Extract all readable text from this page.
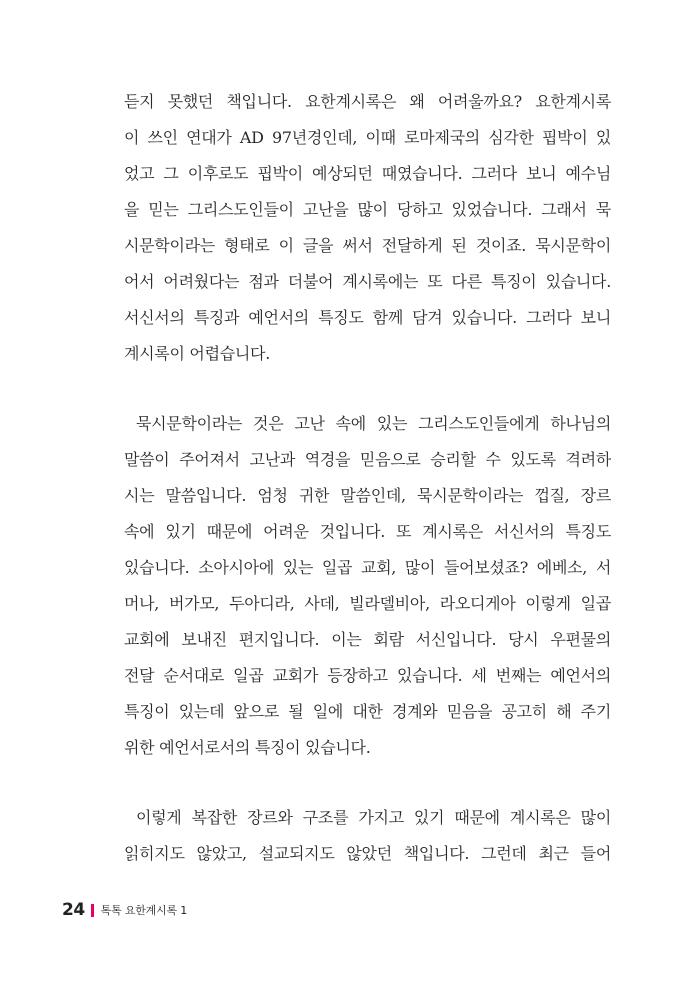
듣지 못했던 책입니다. 요한계시록은 왜 어려울까요? 요한계시록
이 쓰인 연대가 AD 97년경인데, 이때 로마제국의 심각한 핍박이 있
었고 그 이후로도 핍박이 예상되던 때였습니다. 그러다 보니 예수님
을 믿는 그리스도인들이 고난을 많이 당하고 있었습니다. 그래서 묵
시문학이라는 형태로 이 글을 써서 전달하게 된 것이죠. 묵시문학이
어서 어려웠다는 점과 더불어 계시록에는 또 다른 특징이 있습니다.
서신서의 특징과 예언서의 특징도 함께 담겨 있습니다. 그러다 보니
계시록이 어렵습니다.
묵시문학이라는 것은 고난 속에 있는 그리스도인들에게 하나님의
말씀이 주어져서 고난과 역경을 믿음으로 승리할 수 있도록 격려하
시는 말씀입니다. 엄청 귀한 말씀인데, 묵시문학이라는 껍질, 장르
속에 있기 때문에 어려운 것입니다. 또 계시록은 서신서의 특징도
있습니다. 소아시아에 있는 일곱 교회, 많이 들어보셨죠? 에베소, 서
머나, 버가모, 두아디라, 사데, 빌라델비아, 라오디게아 이렇게 일곱
교회에 보내진 편지입니다. 이는 회람 서신입니다. 당시 우편물의
전달 순서대로 일곱 교회가 등장하고 있습니다. 세 번째는 예언서의
특징이 있는데 앞으로 될 일에 대한 경계와 믿음을 공고히 해 주기
위한 예언서로서의 특징이 있습니다.
이렇게 복잡한 장르와 구조를 가지고 있기 때문에 계시록은 많이
읽히지도 않았고, 설교되지도 않았던 책입니다. 그런데 최근 들어
24 톡톡 요한계시록 1
